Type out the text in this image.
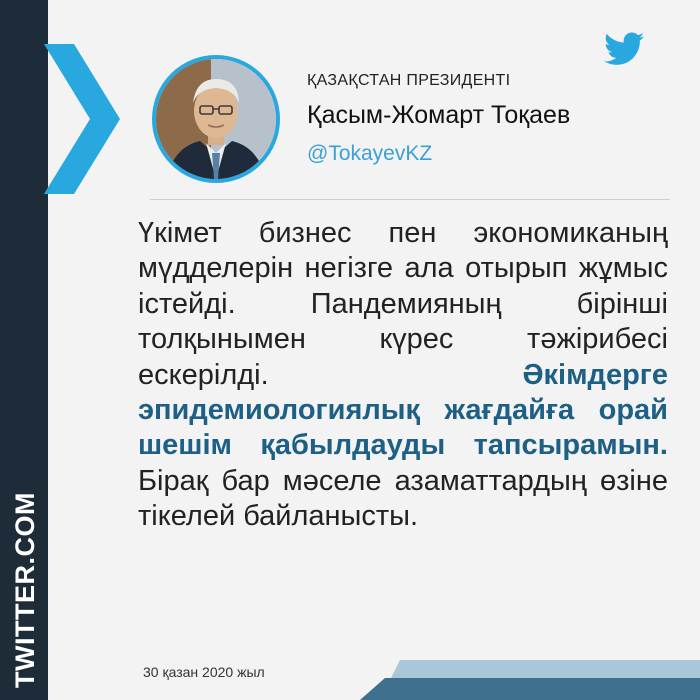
TWITTER.COM
ҚАЗАҚСТАН ПРЕЗИДЕНТІ
Қасым-Жомарт Тоқаев
@TokayevKZ
Үкімет бизнес пен экономиканың мүдделерін негізге ала отырып жұмыс істейді. Пандемияның бірінші толқынымен күрес тәжірибесі ескерілді. Әкімдерге эпидемиологиялық жағдайға орай шешім қабылдауды тапсырамын. Бірақ бар мәселе азаматтардың өзіне тікелей байланысты.
30 қазан 2020 жыл
